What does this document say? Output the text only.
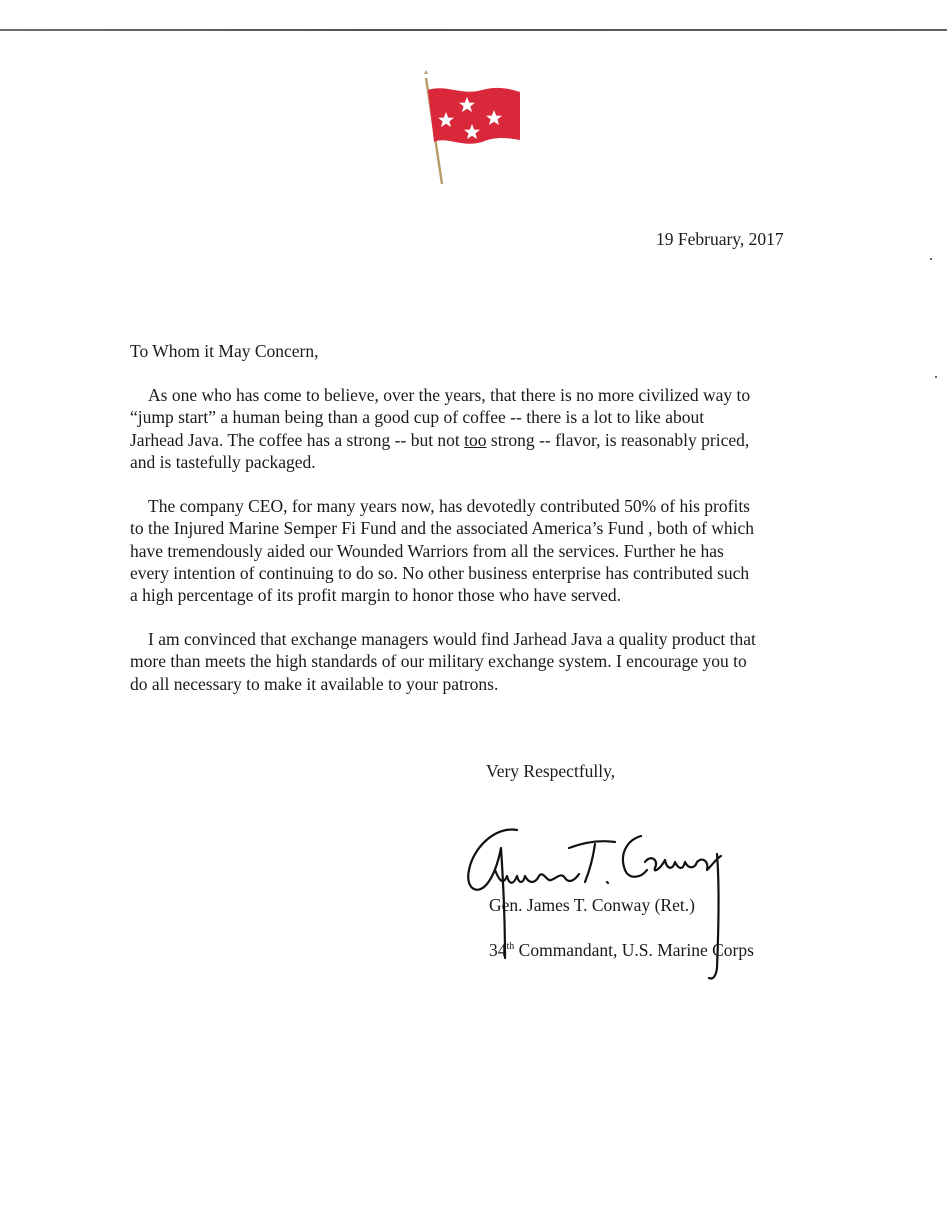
19 February, 2017
To Whom it May Concern,
As one who has come to believe, over the years, that there is no more civilized way to
“jump start” a human being than a good cup of coffee -- there is a lot to like about
Jarhead Java. The coffee has a strong -- but not too strong -- flavor, is reasonably priced,
and is tastefully packaged.
The company CEO, for many years now, has devotedly contributed 50% of his profits
to the Injured Marine Semper Fi Fund and the associated America’s Fund , both of which
have tremendously aided our Wounded Warriors from all the services. Further he has
every intention of continuing to do so. No other business enterprise has contributed such
a high percentage of its profit margin to honor those who have served.
I am convinced that exchange managers would find Jarhead Java a quality product that
more than meets the high standards of our military exchange system. I encourage you to
do all necessary to make it available to your patrons.
Very Respectfully,
Gen. James T. Conway (Ret.)
34th Commandant, U.S. Marine Corps
